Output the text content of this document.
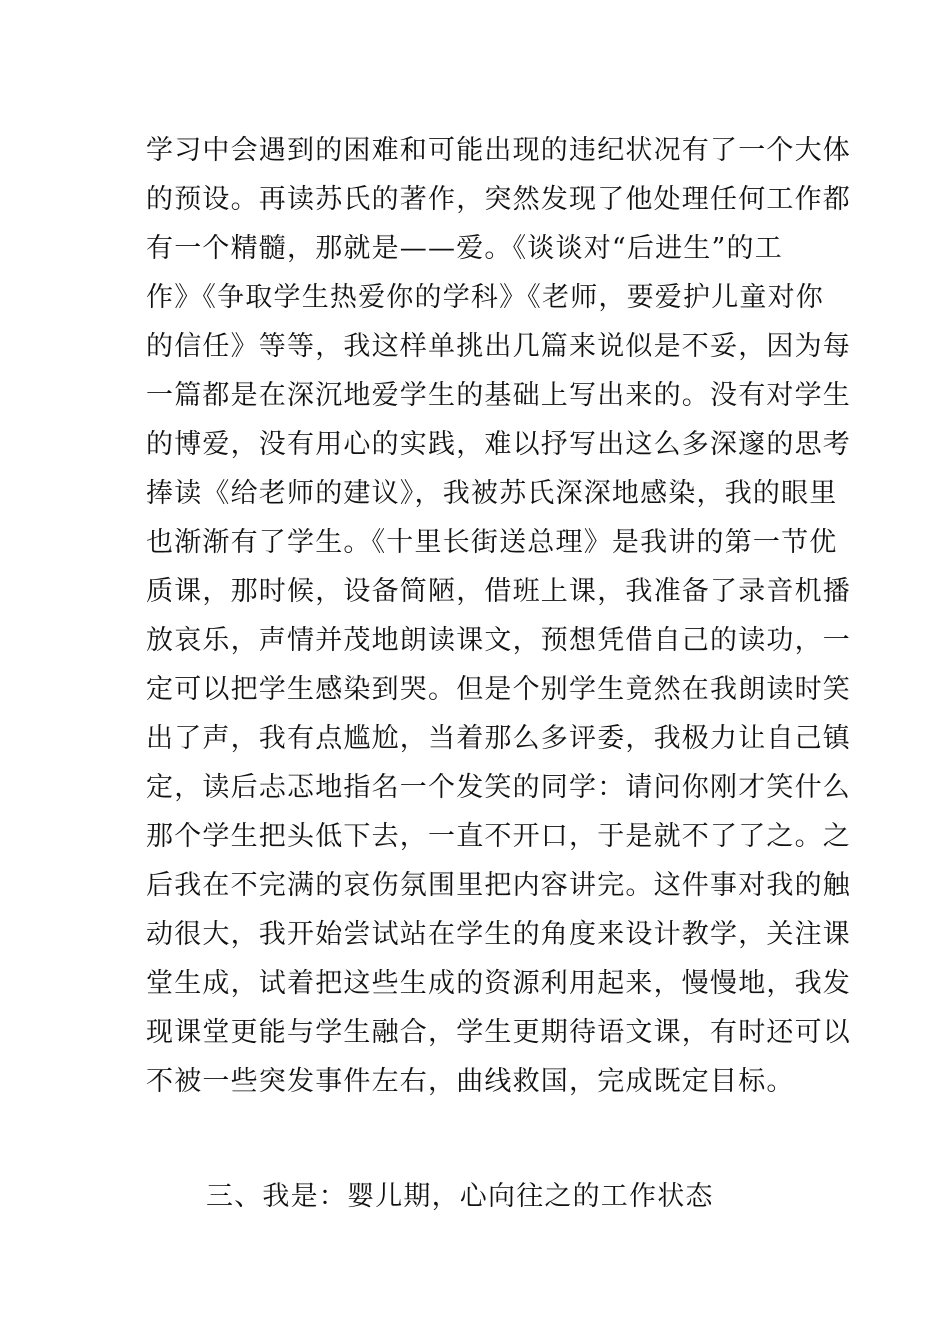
学习中会遇到的困难和可能出现的违纪状况有了一个大体
的预设。再读苏氏的著作，突然发现了他处理任何工作都
有一个精髓，那就是——爱。《谈谈对“后进生”的工
作》《争取学生热爱你的学科》《老师，要爱护儿童对你
的信任》等等，我这样单挑出几篇来说似是不妥，因为每
一篇都是在深沉地爱学生的基础上写出来的。没有对学生
的博爱，没有用心的实践，难以抒写出这么多深邃的思考
捧读《给老师的建议》，我被苏氏深深地感染，我的眼里
也渐渐有了学生。《十里长街送总理》是我讲的第一节优
质课，那时候，设备简陋，借班上课，我准备了录音机播
放哀乐，声情并茂地朗读课文，预想凭借自己的读功，一
定可以把学生感染到哭。但是个别学生竟然在我朗读时笑
出了声，我有点尴尬，当着那么多评委，我极力让自己镇
定，读后忐忑地指名一个发笑的同学：请问你刚才笑什么
那个学生把头低下去，一直不开口，于是就不了了之。之
后我在不完满的哀伤氛围里把内容讲完。这件事对我的触
动很大，我开始尝试站在学生的角度来设计教学，关注课
堂生成，试着把这些生成的资源利用起来，慢慢地，我发
现课堂更能与学生融合，学生更期待语文课，有时还可以
不被一些突发事件左右，曲线救国，完成既定目标。
三、我是：婴儿期，心向往之的工作状态
